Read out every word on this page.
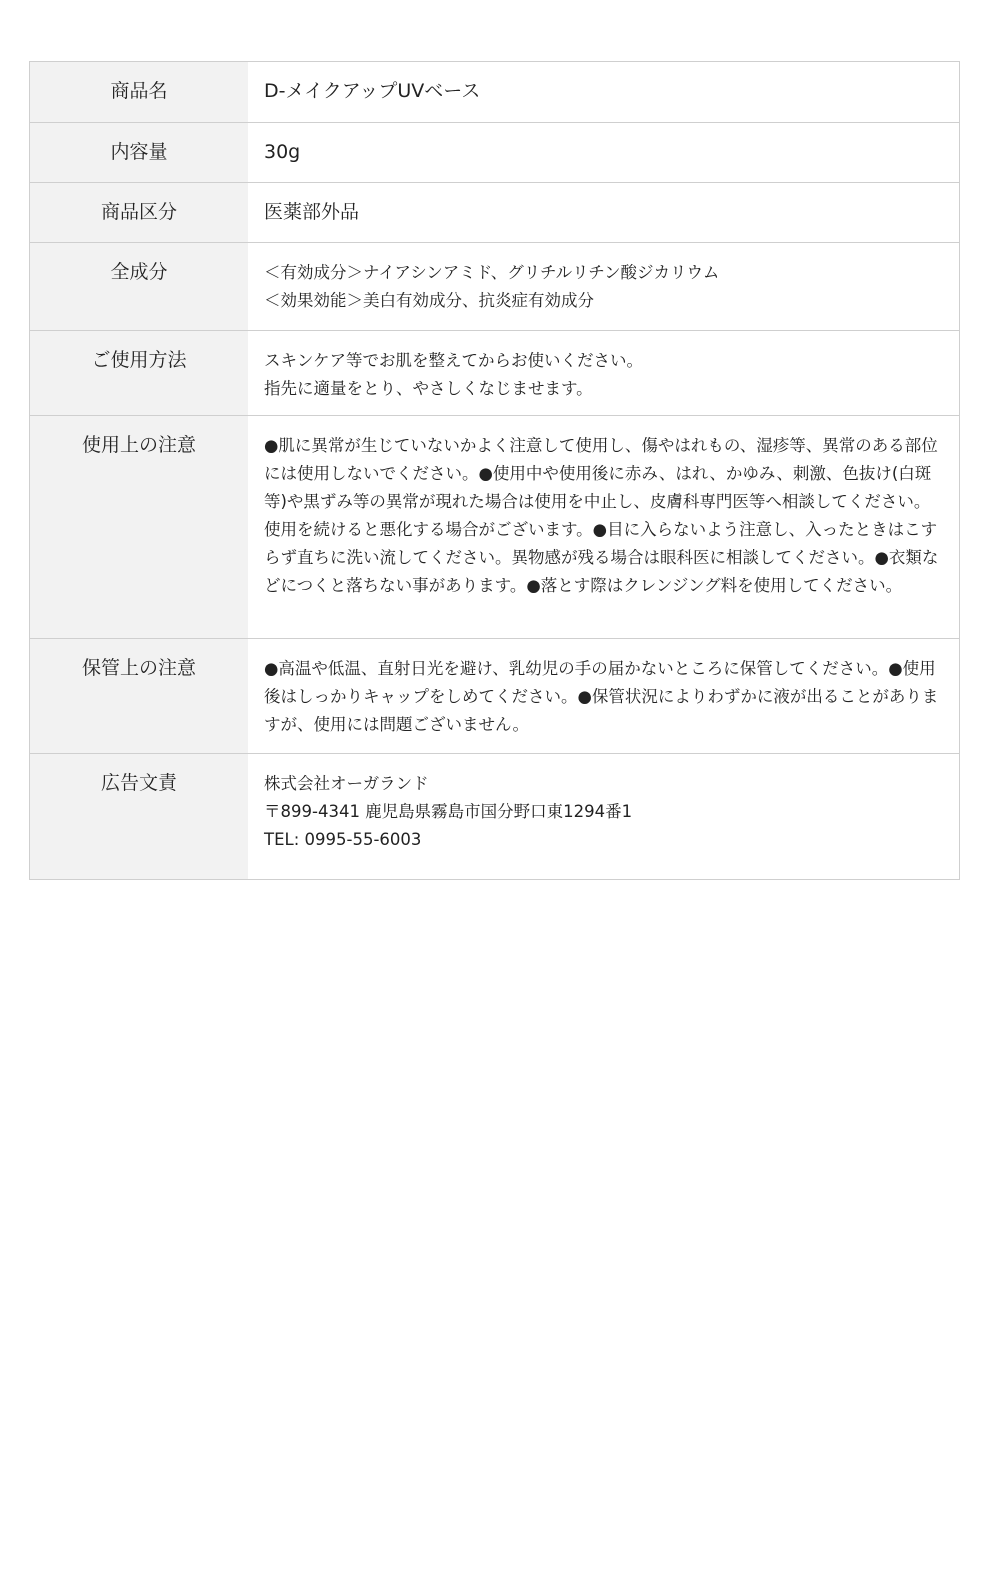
商品名	D-メイクアップUVベース
内容量	30g
商品区分	医薬部外品
全成分	＜有効成分＞ナイアシンアミド、グリチルリチン酸ジカリウム
＜効果効能＞美白有効成分、抗炎症有効成分
ご使用方法	スキンケア等でお肌を整えてからお使いください。
指先に適量をとり、やさしくなじませます。
使用上の注意	●肌に異常が生じていないかよく注意して使用し、傷やはれもの、湿疹等、異常のある部位には使用しないでください。●使用中や使用後に赤み、はれ、かゆみ、刺激、色抜け(白斑等)や黒ずみ等の異常が現れた場合は使用を中止し、皮膚科専門医等へ相談してください。使用を続けると悪化する場合がございます。●目に入らないよう注意し、入ったときはこすらず直ちに洗い流してください。異物感が残る場合は眼科医に相談してください。●衣類などにつくと落ちない事があります。●落とす際はクレンジング料を使用してください。
保管上の注意	●高温や低温、直射日光を避け、乳幼児の手の届かないところに保管してください。●使用後はしっかりキャップをしめてください。●保管状況によりわずかに液が出ることがありますが、使用には問題ございません。
広告文責	株式会社オーガランド
〒899-4341 鹿児島県霧島市国分野口東1294番1
TEL: 0995-55-6003
